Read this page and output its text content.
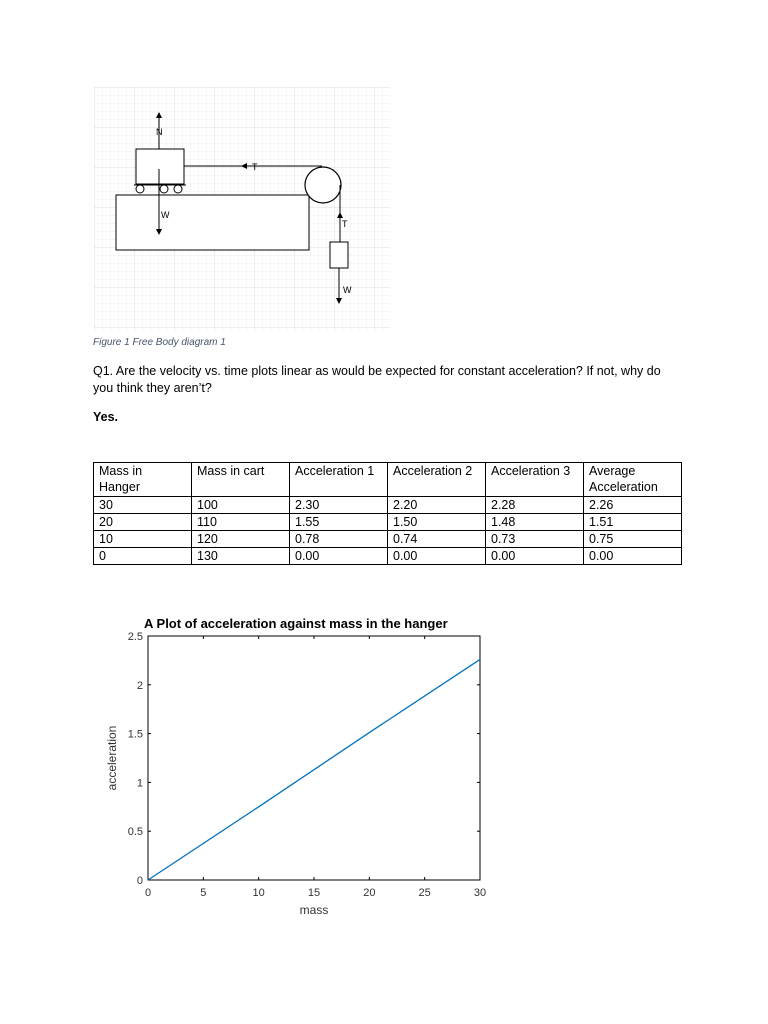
N
W
T
T
W
Figure 1 Free Body diagram 1
Q1. Are the velocity vs. time plots linear as would be expected for constant acceleration? If not, why do you think they aren’t?
Yes.
Mass in Hanger	Mass in cart	Acceleration 1	Acceleration 2	Acceleration 3	Average Acceleration
30	100	2.30	2.20	2.28	2.26
20	110	1.55	1.50	1.48	1.51
10	120	0.78	0.74	0.73	0.75
0	130	0.00	0.00	0.00	0.00
A Plot of acceleration against mass in the hanger
0	5	10	15	20	25	30
0
0.5
1
1.5
2
2.5
mass
acceleration
